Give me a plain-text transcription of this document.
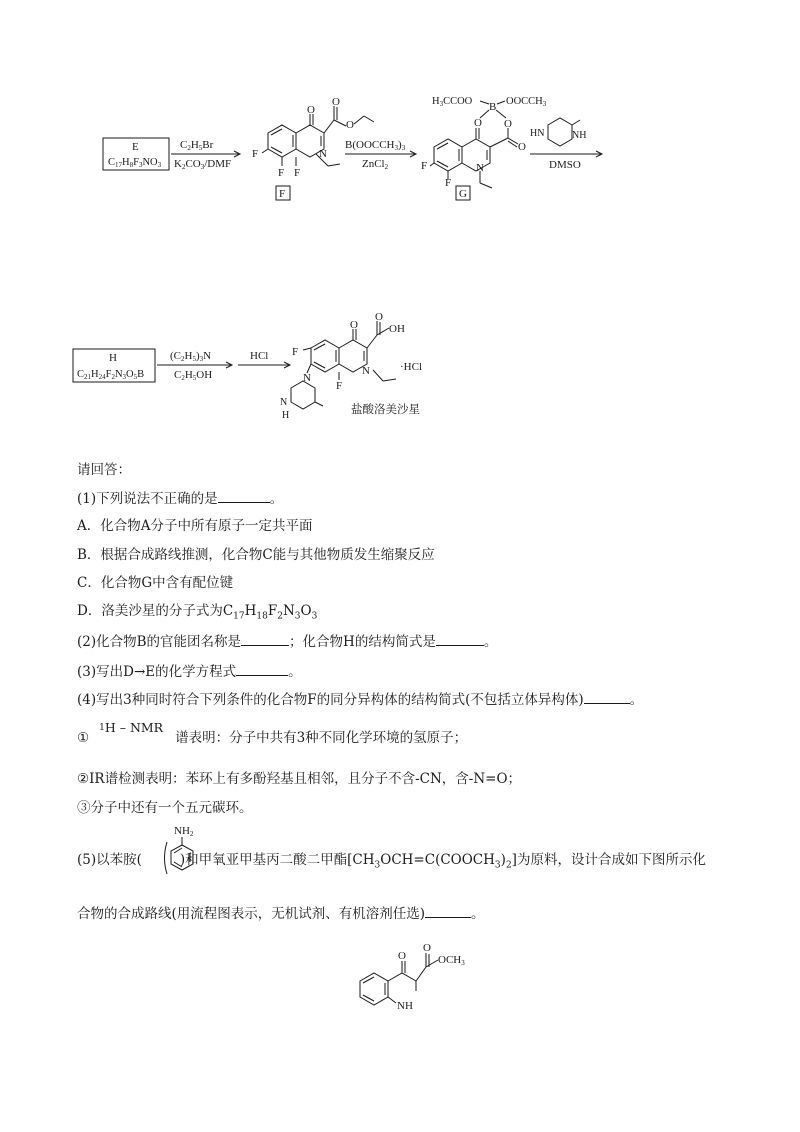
E
C17H8F3NO3
C2H5Br
K2CO3/DMF
O
O
O
N
F
F F
F
B(OOCCH3)3
ZnCl2
H3CCOO B OOCCH3
O O
O
N
F
F
G
HN	NH
DMSO
H
C21H24F2N3O5B
(C2H5)3N
C2H5OH
HCl
O
O
OH
N
F
F
N
N
H
·HCl
盐酸洛美沙星
请回答：
(1)下列说法不正确的是	。
A．化合物A分子中所有原子一定共平面
B．根据合成路线推测，化合物C能与其他物质发生缩聚反应
C．化合物G中含有配位键
D．洛美沙星的分子式为$C_{17}H_{18}F_2N_3O_3$
(2)化合物B的官能团名称是	；化合物H的结构简式是	。
(3)写出D→E的化学方程式	。
(4)写出3种同时符合下列条件的化合物F的同分异构体的结构简式(不包括立体异构体)	。
①$^1$H – NMR谱表明：分子中共有3种不同化学环境的氢原子；
②IR谱检测表明：苯环上有多酚羟基且相邻，且分子不含-CN，含-N=O；
③分子中还有一个五元碳环。
NH2
(5)以苯胺(	)和甲氧亚甲基丙二酸二甲酯$[CH_3OCH=C(COOCH_3)_2]$为原料，设计合成如下图所示化
合物的合成路线(用流程图表示，无机试剂、有机溶剂任选)	。
O
O
OCH3
NH
